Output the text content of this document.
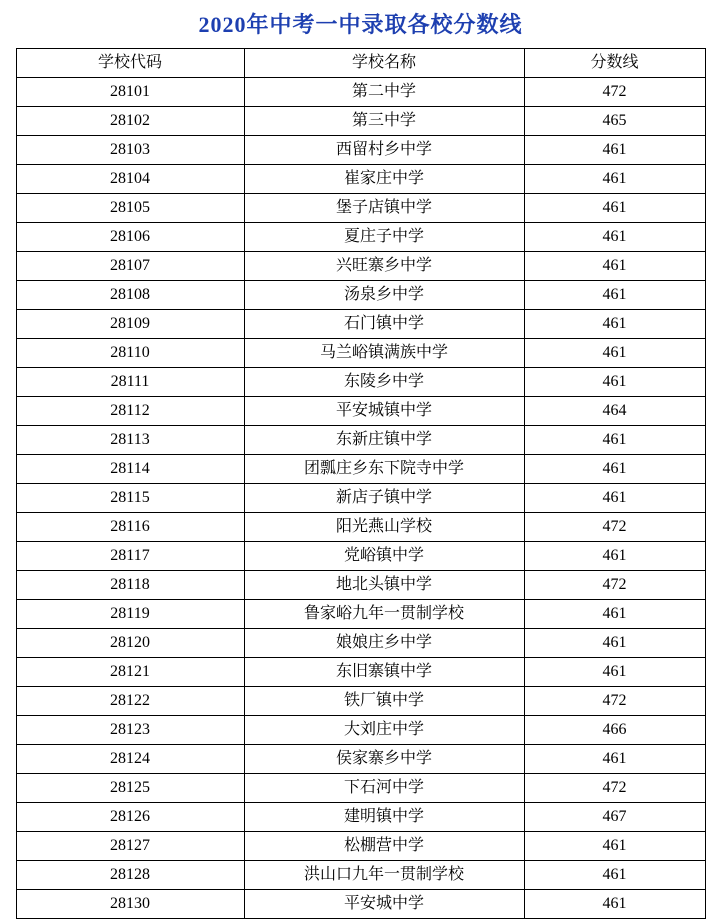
2020年中考一中录取各校分数线
学校代码	学校名称	分数线
28101	第二中学	472
28102	第三中学	465
28103	西留村乡中学	461
28104	崔家庄中学	461
28105	堡子店镇中学	461
28106	夏庄子中学	461
28107	兴旺寨乡中学	461
28108	汤泉乡中学	461
28109	石门镇中学	461
28110	马兰峪镇满族中学	461
28111	东陵乡中学	461
28112	平安城镇中学	464
28113	东新庄镇中学	461
28114	团瓢庄乡东下院寺中学	461
28115	新店子镇中学	461
28116	阳光燕山学校	472
28117	党峪镇中学	461
28118	地北头镇中学	472
28119	鲁家峪九年一贯制学校	461
28120	娘娘庄乡中学	461
28121	东旧寨镇中学	461
28122	铁厂镇中学	472
28123	大刘庄中学	466
28124	侯家寨乡中学	461
28125	下石河中学	472
28126	建明镇中学	467
28127	松棚营中学	461
28128	洪山口九年一贯制学校	461
28130	平安城中学	461
